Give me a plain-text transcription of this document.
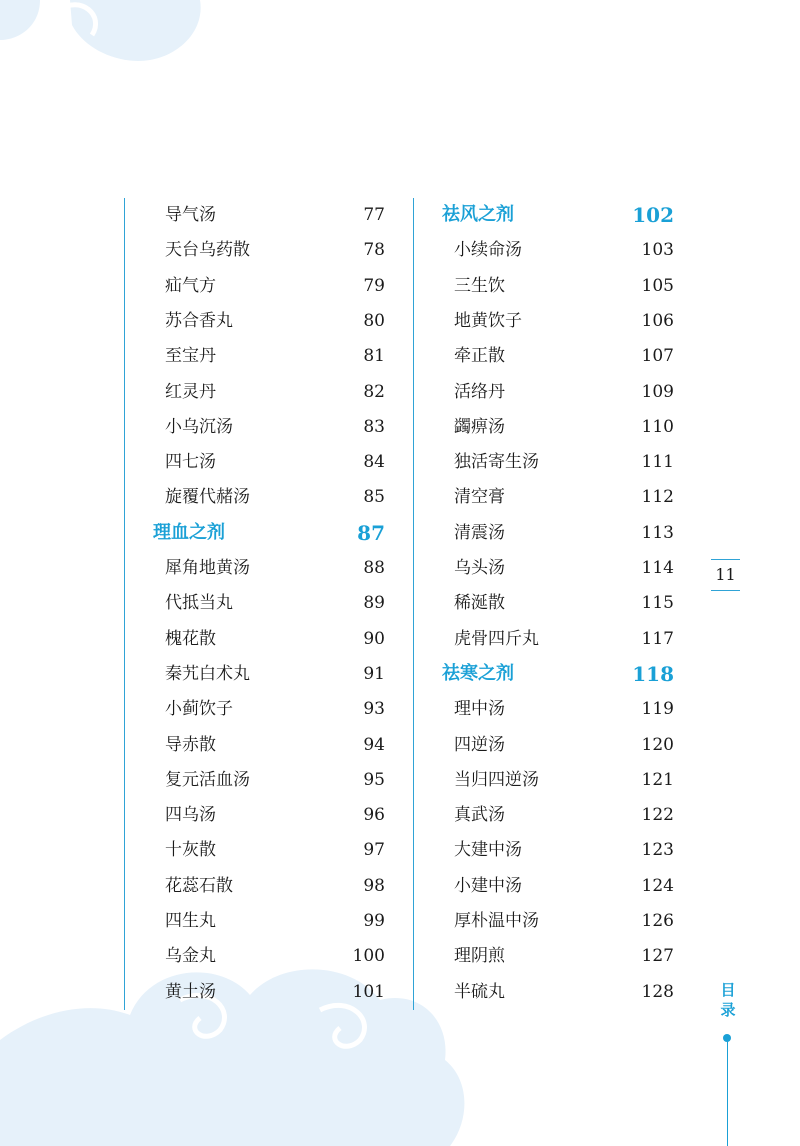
导气汤	77
天台乌药散	78
疝气方	79
苏合香丸	80
至宝丹	81
红灵丹	82
小乌沉汤	83
四七汤	84
旋覆代赭汤	85
理血之剂	87
犀角地黄汤	88
代抵当丸	89
槐花散	90
秦艽白术丸	91
小蓟饮子	93
导赤散	94
复元活血汤	95
四乌汤	96
十灰散	97
花蕊石散	98
四生丸	99
乌金丸	100
黄土汤	101
祛风之剂	102
小续命汤	103
三生饮	105
地黄饮子	106
牵正散	107
活络丹	109
蠲痹汤	110
独活寄生汤	111
清空膏	112
清震汤	113
乌头汤	114
稀涎散	115
虎骨四斤丸	117
祛寒之剂	118
理中汤	119
四逆汤	120
当归四逆汤	121
真武汤	122
大建中汤	123
小建中汤	124
厚朴温中汤	126
理阴煎	127
半硫丸	128
11
目
录
